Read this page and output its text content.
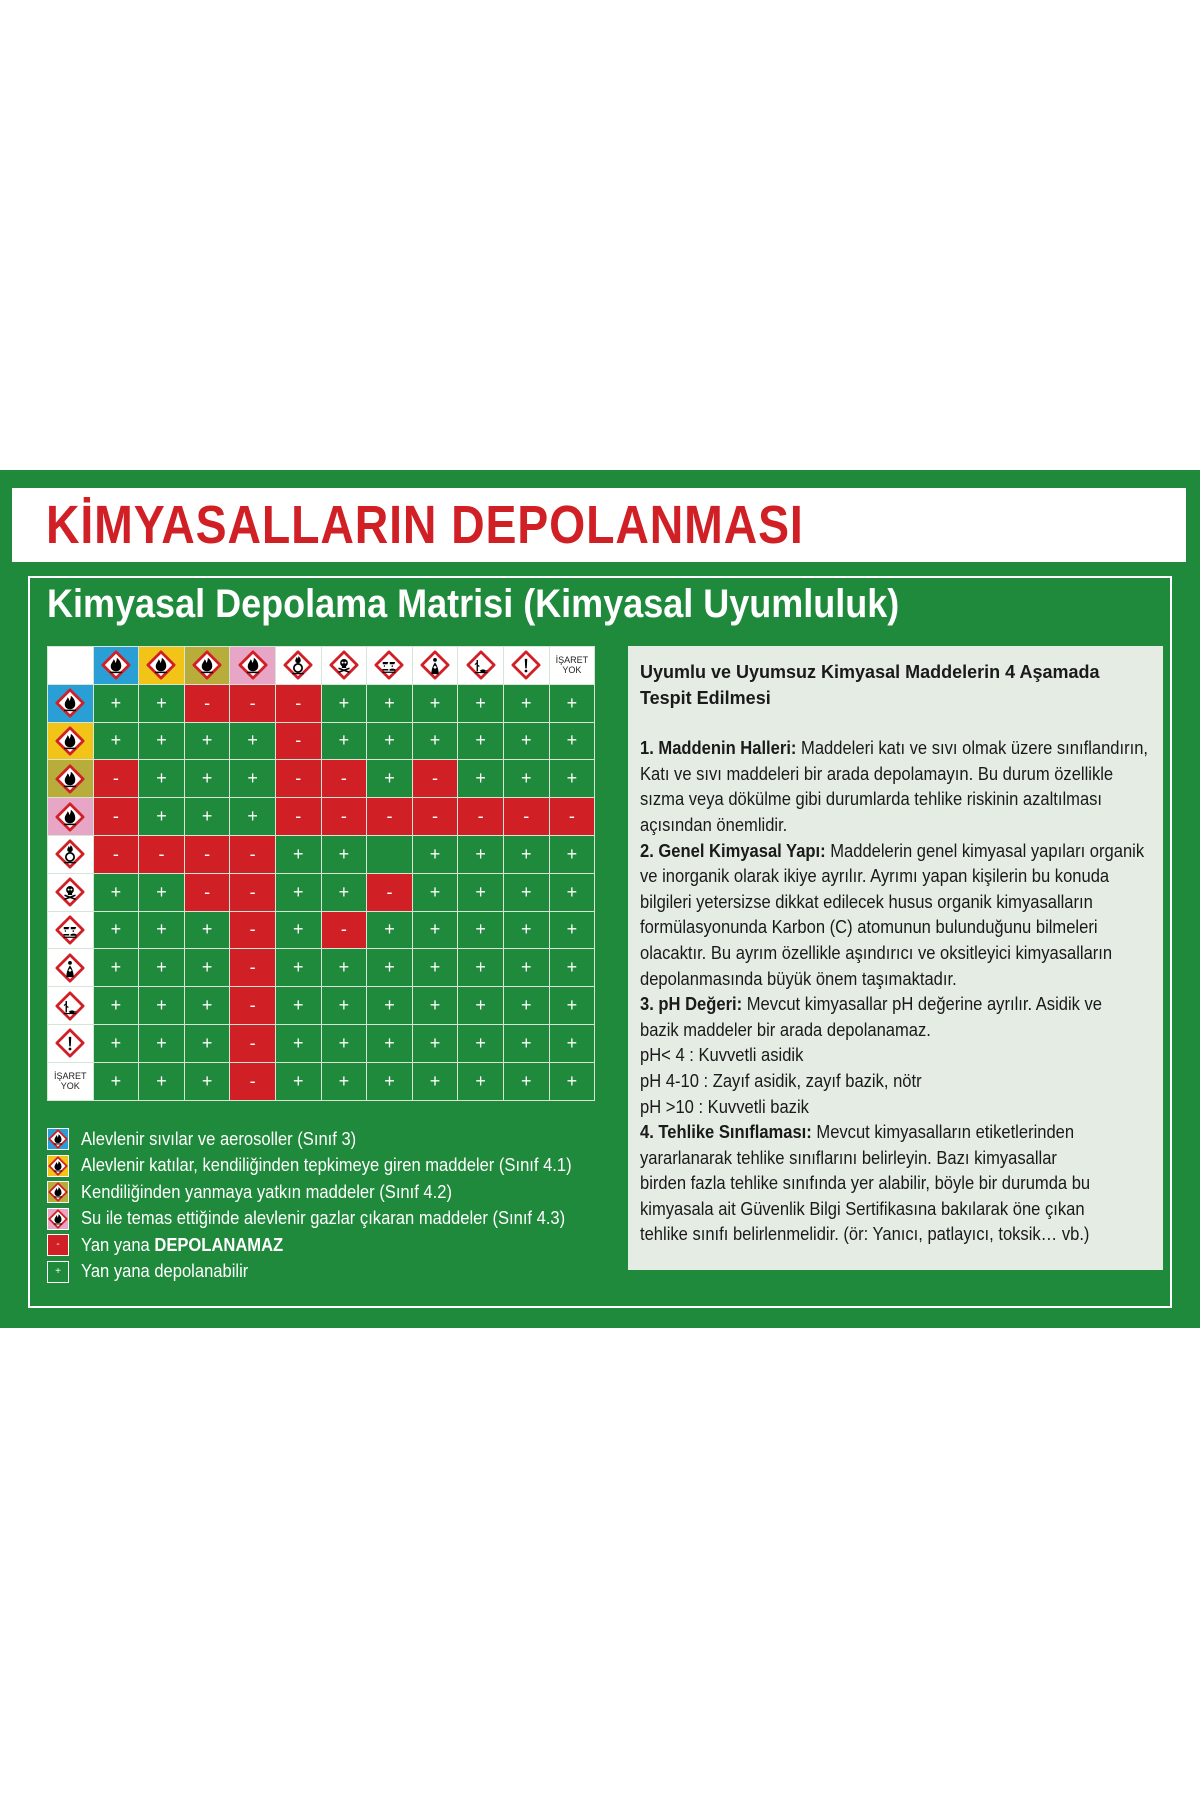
KİMYASALLARIN DEPOLANMASI
Kimyasal Depolama Matrisi (Kimyasal Uyumluluk)

İŞARET YOK

	+	+	-	-	-	+	+	+	+	+	+

	+	+	+	+	-	+	+	+	+	+	+

	-	+	+	+	-	-	+	-	+	+	+

	-	+	+	+	-	-	-	-	-	-	-

	-	-	-	-	+	+		+	+	+	+

	+	+	-	-	+	+	-	+	+	+	+

	+	+	+	-	+	-	+	+	+	+	+

	+	+	+	-	+	+	+	+	+	+	+

	+	+	+	-	+	+	+	+	+	+	+

	+	+	+	-	+	+	+	+	+	+	+

İŞARET YOK	+	+	+	-	+	+	+	+	+	+	+
Alevlenir sıvılar ve aerosoller (Sınıf 3)
Alevlenir katılar, kendiliğinden tepkimeye giren maddeler (Sınıf 4.1)
Kendiliğinden yanmaya yatkın maddeler (Sınıf 4.2)
Su ile temas ettiğinde alevlenir gazlar çıkaran maddeler (Sınıf 4.3)
- Yan yana DEPOLANAMAZ
+ Yan yana depolanabilir

Uyumlu ve Uyumsuz Kimyasal Maddelerin 4 Aşamada Tespit Edilmesi

1. Maddenin Halleri: Maddeleri katı ve sıvı olmak üzere sınıflandırın,

Katı ve sıvı maddeleri bir arada depolamayın. Bu durum özellikle

sızma veya dökülme gibi durumlarda tehlike riskinin azaltılması

açısından önemlidir.

2. Genel Kimyasal Yapı: Maddelerin genel kimyasal yapıları organik

ve inorganik olarak ikiye ayrılır. Ayrımı yapan kişilerin bu konuda

bilgileri yetersizse dikkat edilecek husus organik kimyasalların

formülasyonunda Karbon (C) atomunun bulunduğunu bilmeleri

olacaktır. Bu ayrım özellikle aşındırıcı ve oksitleyici kimyasalların

depolanmasında büyük önem taşımaktadır.

3. pH Değeri: Mevcut kimyasallar pH değerine ayrılır. Asidik ve

bazik maddeler bir arada depolanamaz.

pH< 4 : Kuvvetli asidik

pH 4-10 : Zayıf asidik, zayıf bazik, nötr

pH >10 : Kuvvetli bazik

4. Tehlike Sınıflaması: Mevcut kimyasalların etiketlerinden

yararlanarak tehlike sınıflarını belirleyin. Bazı kimyasallar

birden fazla tehlike sınıfında yer alabilir, böyle bir durumda bu

kimyasala ait Güvenlik Bilgi Sertifikasına bakılarak öne çıkan

tehlike sınıfı belirlenmelidir. (ör: Yanıcı, patlayıcı, toksik… vb.)
